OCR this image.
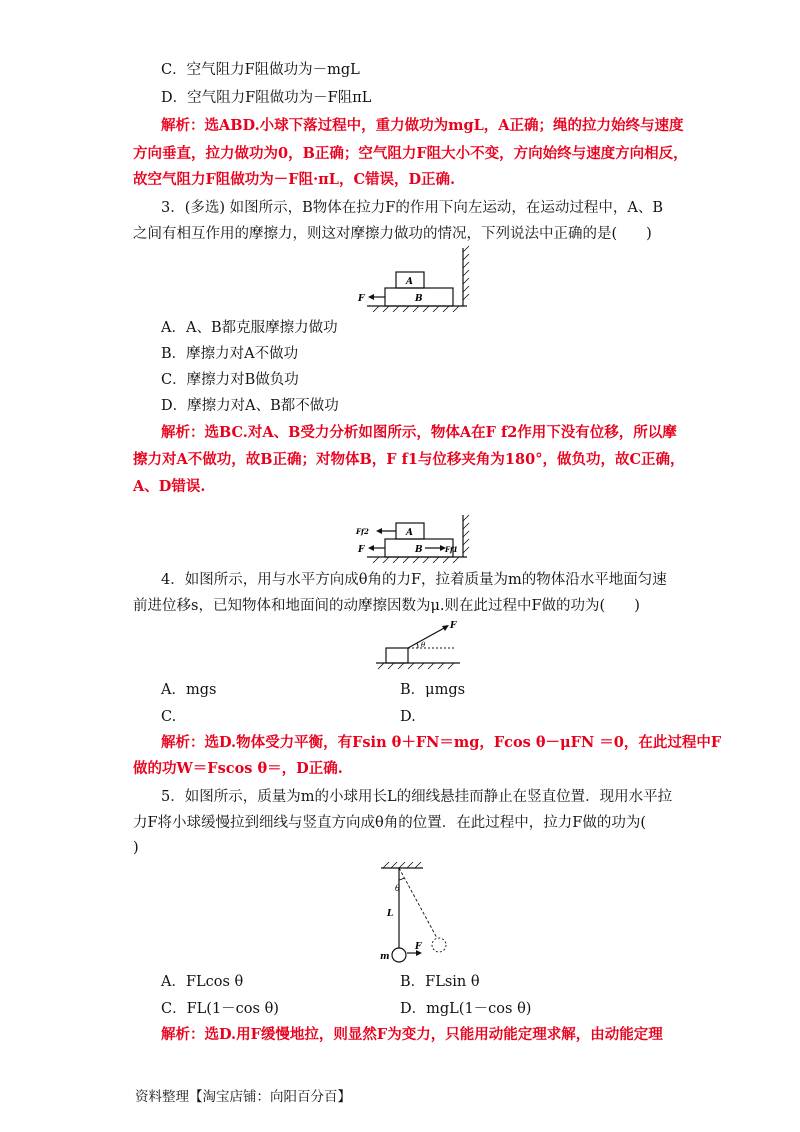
C．空气阻力F阻做功为－mgL
D．空气阻力F阻做功为－F阻πL
解析：选ABD.小球下落过程中，重力做功为mgL，A正确；绳的拉力始终与速度
方向垂直，拉力做功为0，B正确；空气阻力F阻大小不变，方向始终与速度方向相反，
故空气阻力F阻做功为－F阻·πL，C错误，D正确.
3．(多选) 如图所示，B物体在拉力F的作用下向左运动，在运动过程中，A、B
之间有相互作用的摩擦力，则这对摩擦力做功的情况，下列说法中正确的是(　　)
A
B
F
A．A、B都克服摩擦力做功
B．摩擦力对A不做功
C．摩擦力对B做负功
D．摩擦力对A、B都不做功
解析：选BC.对A、B受力分析如图所示，物体A在F f2作用下没有位移，所以摩
擦力对A不做功，故B正确；对物体B，F f1与位移夹角为180°，做负功，故C正确，
A、D错误.
A
B
Ff2
F	Ff1
4．如图所示，用与水平方向成θ角的力F，拉着质量为m的物体沿水平地面匀速
前进位移s，已知物体和地面间的动摩擦因数为μ.则在此过程中F做的功为(　　)
F
θ
A．mgs	B．μmgs
C.	D.
解析：选D.物体受力平衡，有Fsin θ＋FN＝mg，Fcos θ－μFN ＝0，在此过程中F
做的功W＝Fscos θ＝，D正确.
5．如图所示，质量为m的小球用长L的细线悬挂而静止在竖直位置．现用水平拉
力F将小球缓慢拉到细线与竖直方向成θ角的位置．在此过程中，拉力F做的功为(
)
θ
L
m
F
A．FLcos θ	B．FLsin θ
C．FL(1－cos θ)	D．mgL(1－cos θ)
解析：选D.用F缓慢地拉，则显然F为变力，只能用动能定理求解，由动能定理
资料整理【淘宝店铺：向阳百分百】
